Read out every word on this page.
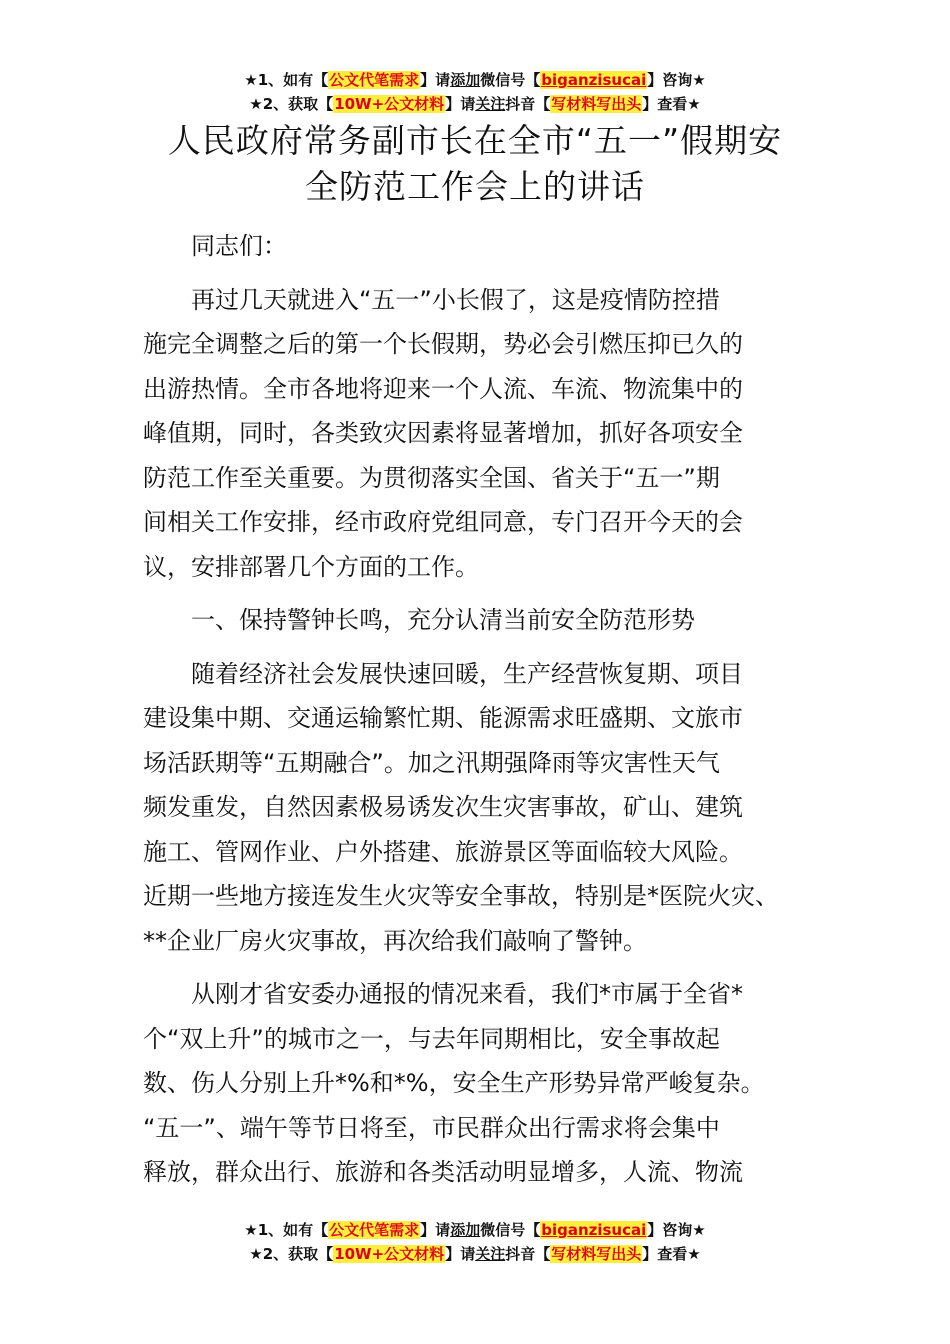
★1、如有【公文代笔需求】请添加微信号【biganzisucai】咨询★
★2、获取【10W+公文材料】请关注抖音【写材料写出头】查看★
人民政府常务副市长在全市“五一”假期安
全防范工作会上的讲话

同志们：

再过几天就进入“五一”小长假了，这是疫情防控措
施完全调整之后的第一个长假期，势必会引燃压抑已久的
出游热情。全市各地将迎来一个人流、车流、物流集中的
峰值期，同时，各类致灾因素将显著增加，抓好各项安全
防范工作至关重要。为贯彻落实全国、省关于“五一”期
间相关工作安排，经市政府党组同意，专门召开今天的会
议，安排部署几个方面的工作。

一、保持警钟长鸣，充分认清当前安全防范形势

随着经济社会发展快速回暖，生产经营恢复期、项目
建设集中期、交通运输繁忙期、能源需求旺盛期、文旅市
场活跃期等“五期融合”。加之汛期强降雨等灾害性天气
频发重发，自然因素极易诱发次生灾害事故，矿山、建筑
施工、管网作业、户外搭建、旅游景区等面临较大风险。
近期一些地方接连发生火灾等安全事故，特别是*医院火灾、
**企业厂房火灾事故，再次给我们敲响了警钟。

从刚才省安委办通报的情况来看，我们*市属于全省*
个“双上升”的城市之一，与去年同期相比，安全事故起
数、伤人分别上升*%和*%，安全生产形势异常严峻复杂。
“五一”、端午等节日将至，市民群众出行需求将会集中
释放，群众出行、旅游和各类活动明显增多，人流、物流

★1、如有【公文代笔需求】请添加微信号【biganzisucai】咨询★
★2、获取【10W+公文材料】请关注抖音【写材料写出头】查看★
